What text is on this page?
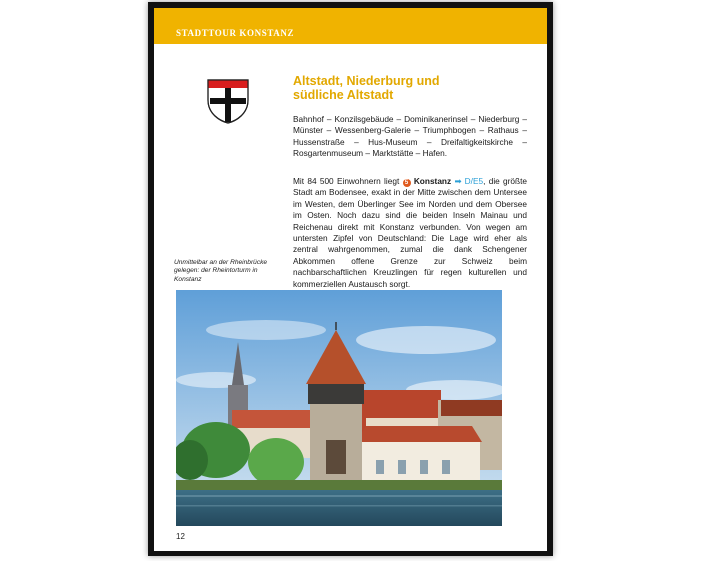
STADTTOUR KONSTANZ
Altstadt, Niederburg und
südliche Altstadt

Bahnhof – Konzilsgebäude – Dominikanerinsel – Niederburg – Münster – Wessenberg-Galerie – Triumphbogen – Rathaus – Hussenstraße – Hus-Museum – Dreifaltigkeitskirche – Rosgartenmuseum – Marktstätte – Hafen.

Mit 84 500 Einwohnern liegt 5 Konstanz ➡ D/E5, die größte Stadt am Bodensee, exakt in der Mitte zwischen dem Untersee im Westen, dem Überlinger See im Norden und dem Obersee im Osten. Noch dazu sind die beiden Inseln Mainau und Reichenau direkt mit Konstanz verbunden. Von wegen am untersten Zipfel von Deutschland: Die Lage wird eher als zentral wahrgenommen, zumal die dank Schengener Abkommen offene Grenze zur Schweiz beim nachbarschaftlichen Kreuzlingen für regen kulturellen und kommerziellen Austausch sorgt.

Unmittelbar an der Rheinbrücke gelegen: der Rheintorturm in Konstanz

12
